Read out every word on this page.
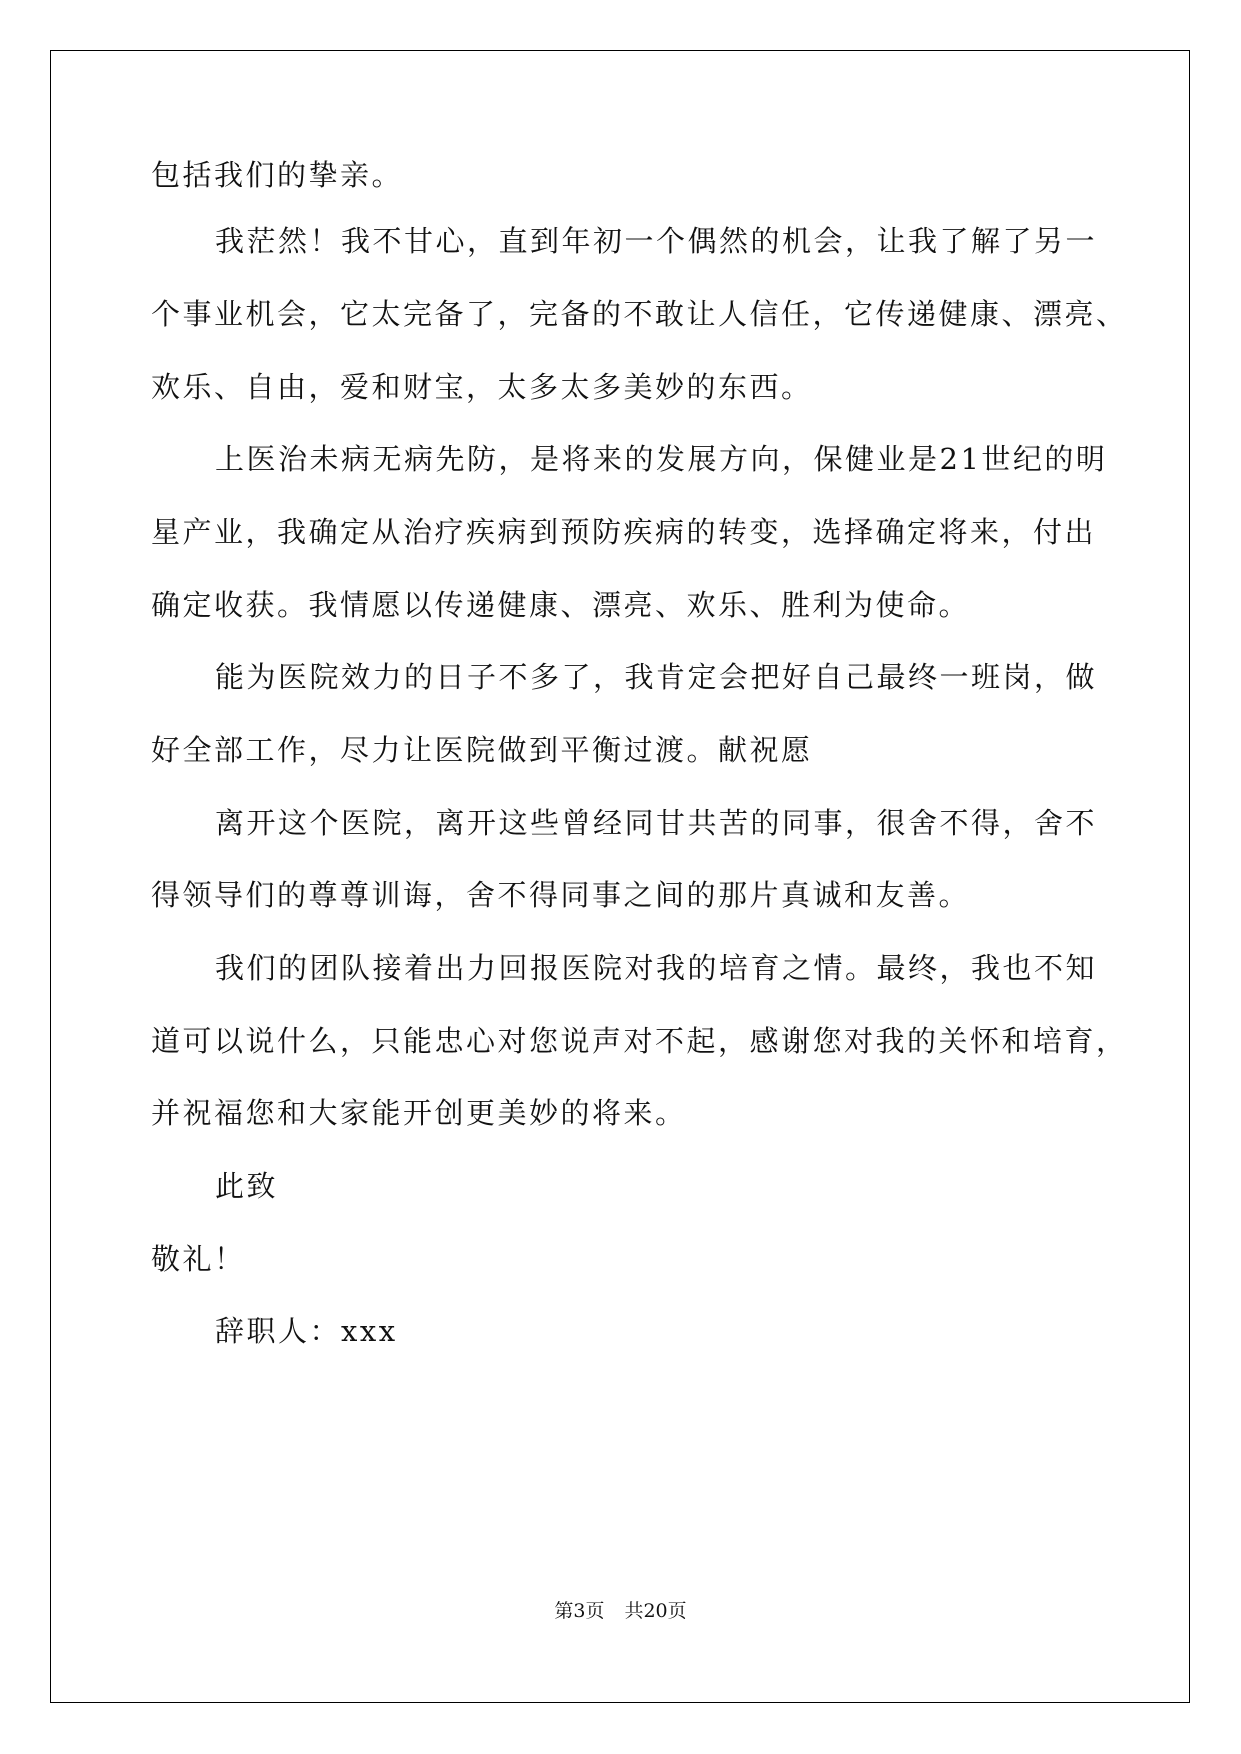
包括我们的挚亲。
我茫然！我不甘心，直到年初一个偶然的机会，让我了解了另一
个事业机会，它太完备了，完备的不敢让人信任，它传递健康、漂亮、
欢乐、自由，爱和财宝，太多太多美妙的东西。
上医治未病无病先防，是将来的发展方向，保健业是21世纪的明
星产业，我确定从治疗疾病到预防疾病的转变，选择确定将来，付出
确定收获。我情愿以传递健康、漂亮、欢乐、胜利为使命。
能为医院效力的日子不多了，我肯定会把好自己最终一班岗，做
好全部工作，尽力让医院做到平衡过渡。献祝愿
离开这个医院，离开这些曾经同甘共苦的同事，很舍不得，舍不
得领导们的尊尊训诲，舍不得同事之间的那片真诚和友善。
我们的团队接着出力回报医院对我的培育之情。最终，我也不知
道可以说什么，只能忠心对您说声对不起，感谢您对我的关怀和培育，
并祝福您和大家能开创更美妙的将来。
此致
敬礼！
辞职人：xxx
第3页 共20页
